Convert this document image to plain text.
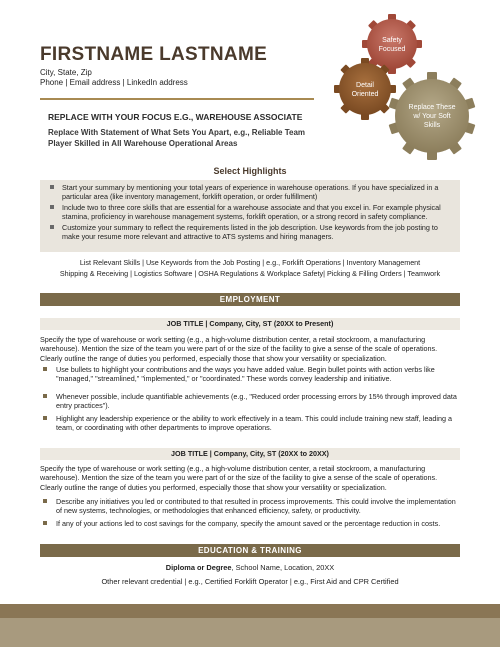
FIRSTNAME LASTNAME
City, State, Zip
Phone | Email address | LinkedIn address
Safety
Focused
Detail
Oriented
Replace These
w/ Your Soft
Skills
REPLACE WITH YOUR FOCUS E.G., WAREHOUSE ASSOCIATE
Replace With Statement of What Sets You Apart, e.g., Reliable Team Player Skilled in All Warehouse Operational Areas
Select Highlights
Start your summary by mentioning your total years of experience in warehouse operations. If you have specialized in a particular area (like inventory management, forklift operation, or order fulfillment)
Include two to three core skills that are essential for a warehouse associate and that you excel in. For example physical stamina, proficiency in warehouse management systems, forklift operation, or a strong record in safety compliance.
Customize your summary to reflect the requirements listed in the job description. Use keywords from the job posting to make your resume more relevant and attractive to ATS systems and hiring managers.
List Relevant Skills | Use Keywords from the Job Posting | e.g., Forklift Operations | Inventory Management
Shipping & Receiving | Logistics Software | OSHA Regulations & Workplace Safety| Picking & Filling Orders | Teamwork
EMPLOYMENT
JOB TITLE | Company, City, ST (20XX to Present)
Specify the type of warehouse or work setting (e.g., a high-volume distribution center, a retail stockroom, a manufacturing warehouse). Mention the size of the team you were part of or the size of the facility to give a sense of the scale of operations. Clearly outline the range of duties you performed, especially those that show your versatility or specialization.
Use bullets to highlight your contributions and the ways you have added value. Begin bullet points with action verbs like "managed," "streamlined," "implemented," or "coordinated." These words convey leadership and initiative.
Whenever possible, include quantifiable achievements (e.g., "Reduced order processing errors by 15% through improved data entry practices").
Highlight any leadership experience or the ability to work effectively in a team. This could include training new staff, leading a team, or coordinating with other departments to improve operations.
JOB TITLE | Company, City, ST (20XX to 20XX)
Specify the type of warehouse or work setting (e.g., a high-volume distribution center, a retail stockroom, a manufacturing warehouse). Mention the size of the team you were part of or the size of the facility to give a sense of the scale of operations. Clearly outline the range of duties you performed, especially those that show your versatility or specialization.
Describe any initiatives you led or contributed to that resulted in process improvements. This could involve the implementation of new systems, technologies, or methodologies that enhanced efficiency, safety, or productivity.
If any of your actions led to cost savings for the company, specify the amount saved or the percentage reduction in costs.
EDUCATION & TRAINING
Diploma or Degree, School Name, Location, 20XX
Other relevant credential | e.g., Certified Forklift Operator | e.g., First Aid and CPR Certified
